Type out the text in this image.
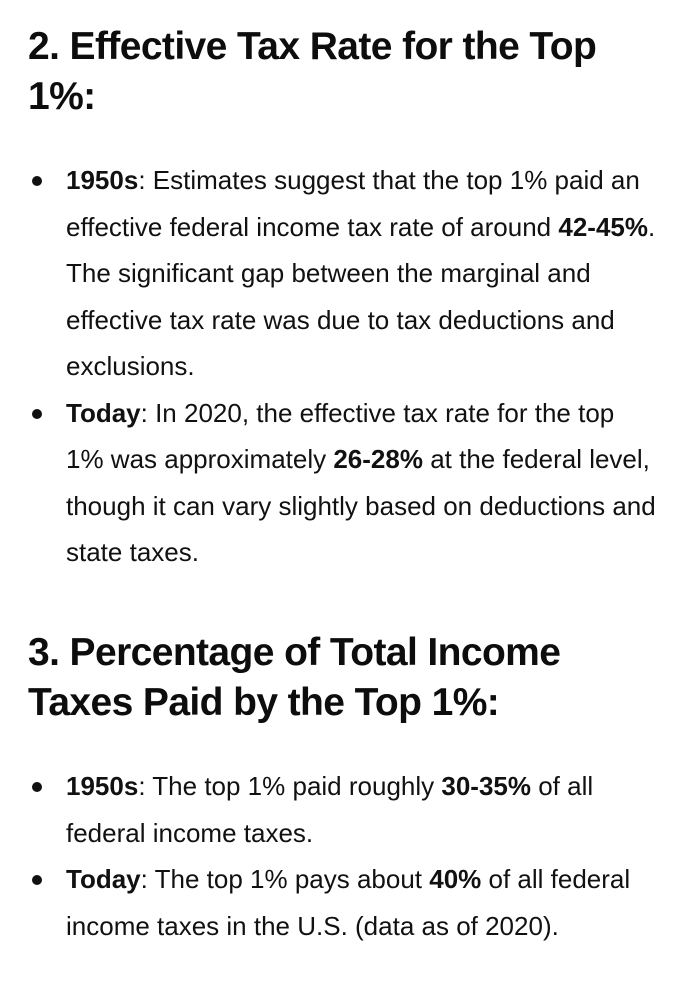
2. Effective Tax Rate for the Top 1%:
1950s: Estimates suggest that the top 1% paid an effective federal income tax rate of around 42-45%. The significant gap between the marginal and effective tax rate was due to tax deductions and exclusions.
Today: In 2020, the effective tax rate for the top 1% was approximately 26-28% at the federal level, though it can vary slightly based on deductions and state taxes.
3. Percentage of Total Income Taxes Paid by the Top 1%:
1950s: The top 1% paid roughly 30-35% of all federal income taxes.
Today: The top 1% pays about 40% of all federal income taxes in the U.S. (data as of 2020).
